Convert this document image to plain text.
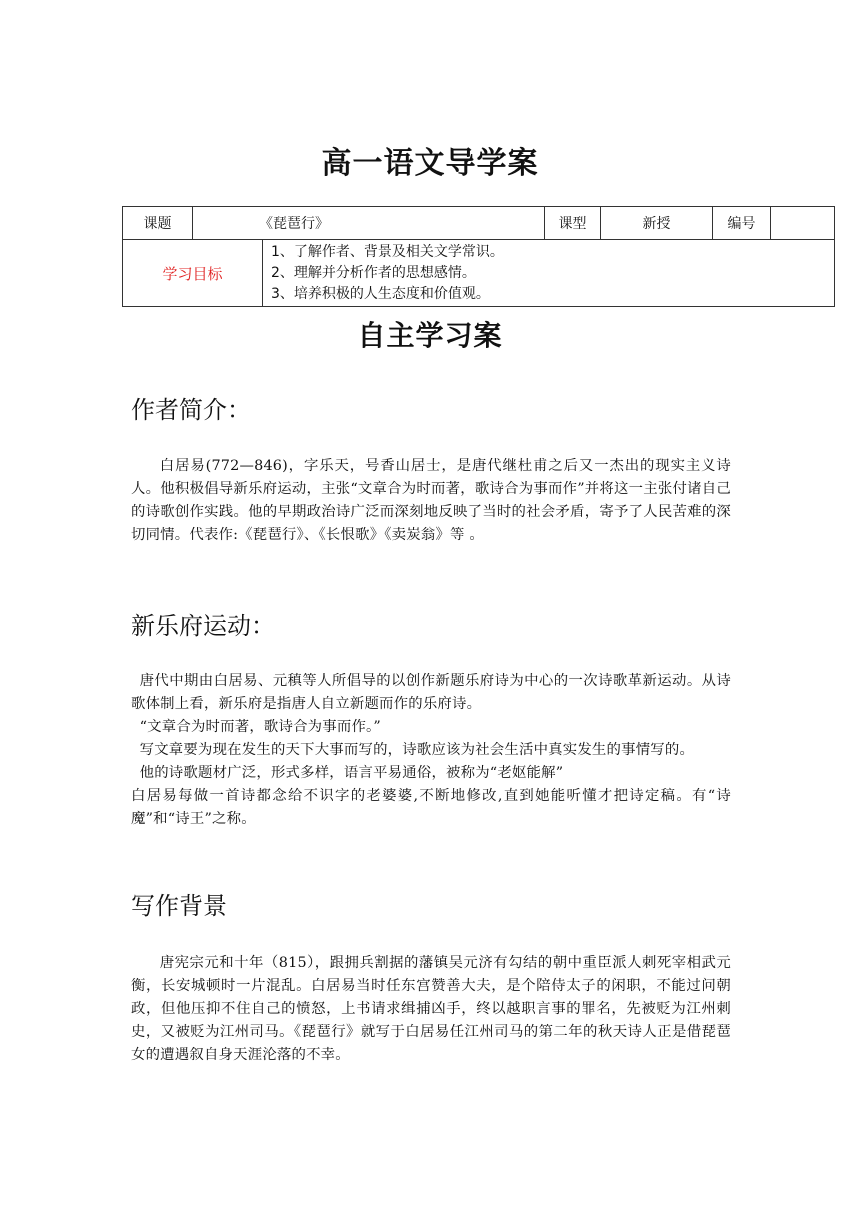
高一语文导学案
课题	《琵琶行》		课型	新授	编号	
学习目标		1、了解作者、背景及相关文学常识。
2、理解并分析作者的思想感情。
3、培养积极的人生态度和价值观。				
自主学习案
作者简介：

白居易(772—846)，字乐天，号香山居士，是唐代继杜甫之后又一杰出的现实主义诗人。他积极倡导新乐府运动，主张“文章合为时而著，歌诗合为事而作”并将这一主张付诸自己的诗歌创作实践。他的早期政治诗广泛而深刻地反映了当时的社会矛盾，寄予了人民苦难的深切同情。代表作:《琵琶行》、《长恨歌》《卖炭翁》等 。

新乐府运动：

唐代中期由白居易、元稹等人所倡导的以创作新题乐府诗为中心的一次诗歌革新运动。从诗歌体制上看，新乐府是指唐人自立新题而作的乐府诗。

“文章合为时而著，歌诗合为事而作。”

写文章要为现在发生的天下大事而写的，诗歌应该为社会生活中真实发生的事情写的。

他的诗歌题材广泛，形式多样，语言平易通俗，被称为“老妪能解”

白居易每做一首诗都念给不识字的老婆婆,不断地修改,直到她能听懂才把诗定稿。有“诗魔”和“诗王”之称。

写作背景

唐宪宗元和十年（815），跟拥兵割据的藩镇吴元济有勾结的朝中重臣派人刺死宰相武元衡，长安城顿时一片混乱。白居易当时任东宫赞善大夫，是个陪侍太子的闲职，不能过问朝政，但他压抑不住自己的愤怒，上书请求缉捕凶手，终以越职言事的罪名，先被贬为江州刺史，又被贬为江州司马。《琵琶行》就写于白居易任江州司马的第二年的秋天诗人正是借琵琶女的遭遇叙自身天涯沦落的不幸。
